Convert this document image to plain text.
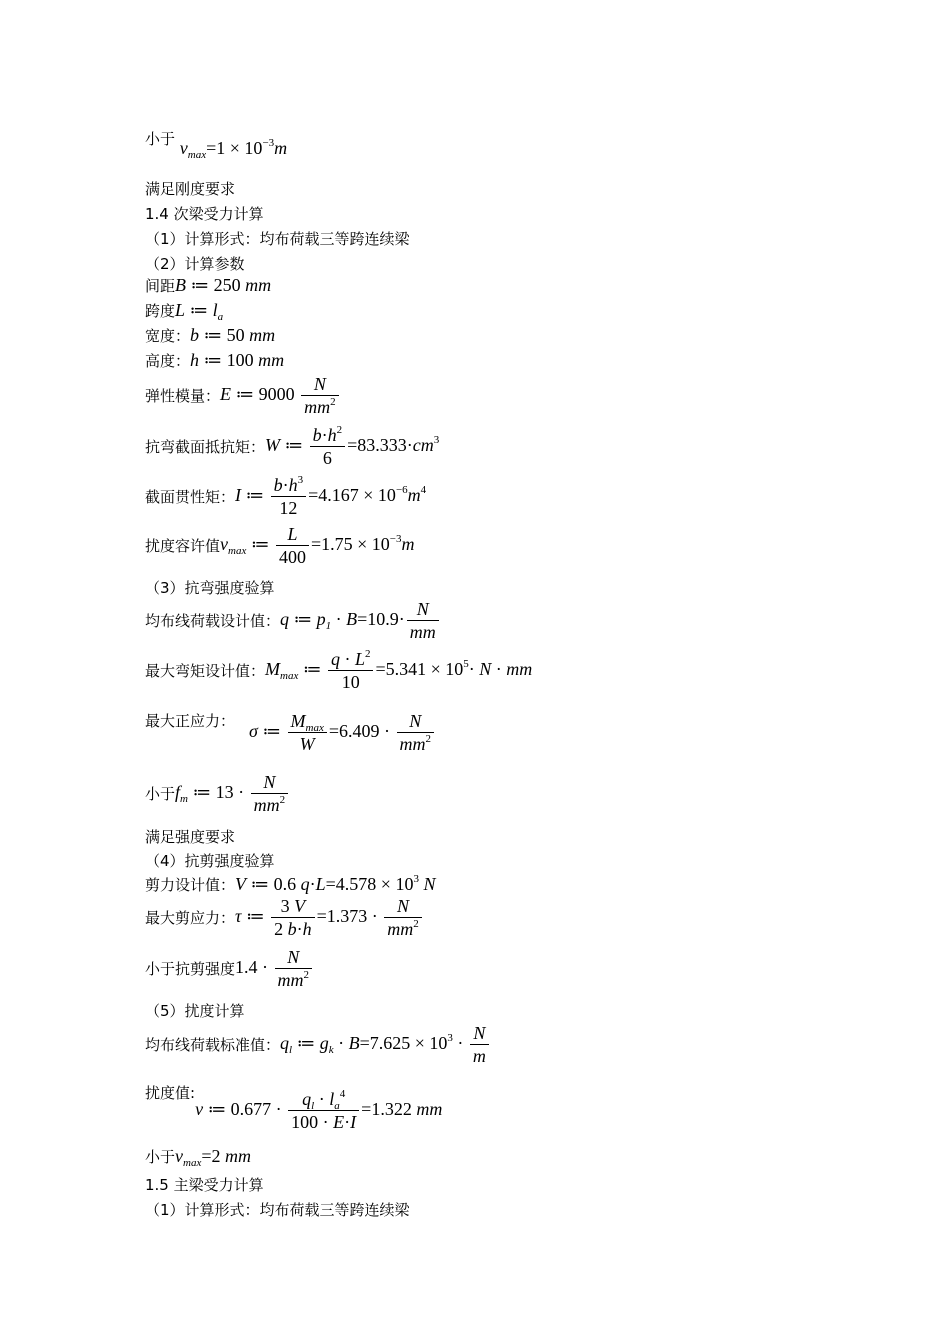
小于 $v_{max}=1 \times 10^{-3}m$
满足刚度要求
1.4 次梁受力计算
（1）计算形式：均布荷载三等跨连续梁
（2）计算参数
间距B ≔ 250 mm
跨度L ≔ $l_a$
宽度：b ≔ 50 mm
高度：h ≔ 100 mm
弹性模量：E ≔ $9000 \frac{N}{mm^2}$
抗弯截面抵抗矩：W ≔ $\frac{b\cdot h^2}{6} =83.333\cdot cm^3$
截面贯性矩：I ≔ $\frac{b\cdot h^3}{12} =4.167 \times 10^{-6}m^4$
扰度容许值$v_{max}$ ≔ $\frac{L}{400} =1.75 \times 10^{-3}m$
（3）抗弯强度验算
均布线荷载设计值：q ≔ $p_1 \cdot B=10.9\cdot \frac{N}{mm}$
最大弯矩设计值：$M_{max}$ ≔ $\frac{q \cdot L^2}{10} =5.341 \times 10^5\cdot N$ · mm
最大正应力： σ ≔ $\frac{M_{max}}{W} =6.409 \cdot \frac{N}{mm^2}$
小于$f_m$ ≔ $13 \cdot \frac{N}{mm^2}$
满足强度要求
（4）抗剪强度验算
剪力设计值：V ≔ 0.6 $q\cdot L=4.578 \times 10^3$ N
最大剪应力：τ ≔ $\frac{3 V}{2 b\cdot h} =1.373 \cdot \frac{N}{mm^2}$
小于抗剪强度$1.4 \cdot \frac{N}{mm^2}$
（5）扰度计算
均布线荷载标准值：$q_l$ ≔ $g_k \cdot B=7.625 \times 10^3 \cdot \frac{N}{m}$
扰度值:v ≔ $0.677 \cdot \frac{q_l \cdot l_a^4}{100 \cdot E\cdot I} =1.322$ mm
小于$v_{max}=2$ mm
1.5 主梁受力计算
（1）计算形式：均布荷载三等跨连续梁
